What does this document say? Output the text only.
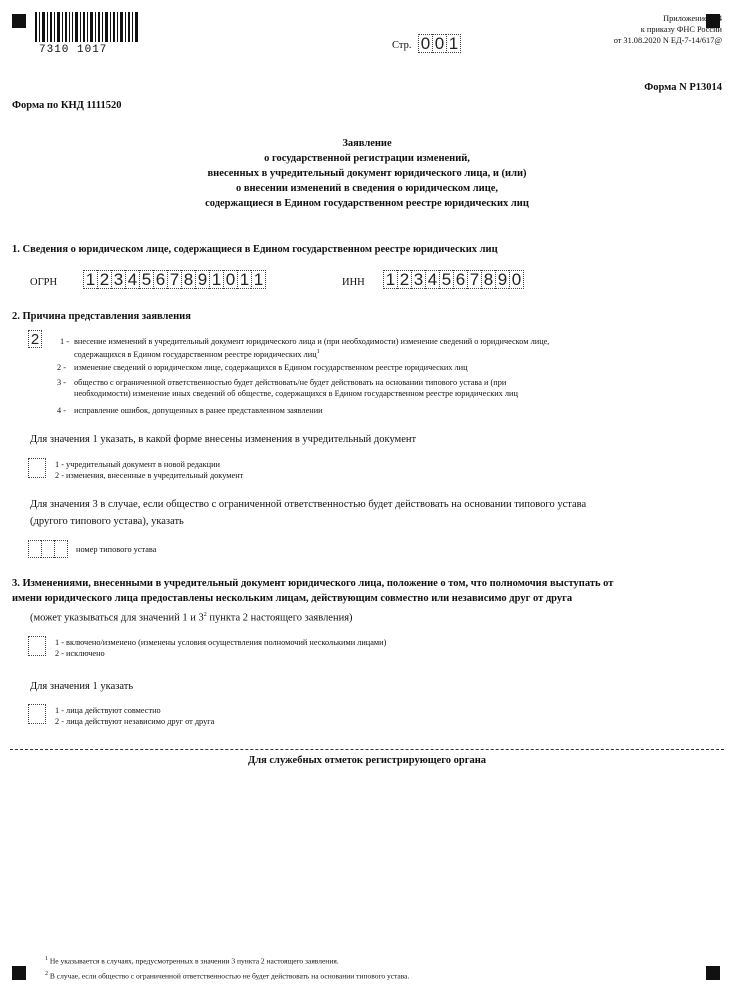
7310 1017	Стр. 0 0 1
Приложение N 4
к приказу ФНС России
от 31.08.2020 N ЕД-7-14/617@
Форма N Р13014
Форма по КНД 1111520
Заявление
о государственной регистрации изменений,
внесенных в учредительный документ юридического лица, и (или)
о внесении изменений в сведения о юридическом лице,
содержащиеся в Едином государственном реестре юридических лиц
1. Сведения о юридическом лице, содержащиеся в Едином государственном реестре юридических лиц
ОГРН 1 2 3 4 5 6 7 8 9 1 0 1 1	ИНН 1 2 3 4 5 6 7 8 9 0
2. Причина представления заявления
2	1 - внесение изменений в учредительный документ юридического лица и (при необходимости) изменение сведений о юридическом лице,
содержащихся в Едином государственном реестре юридических лиц$^1$
2 - изменение сведений о юридическом лице, содержащихся в Едином государственном реестре юридических лиц
3 - общество с ограниченной ответственностью будет действовать/не будет действовать на основании типового устава и (при
необходимости) изменение иных сведений об обществе, содержащихся в Едином государственном реестре юридических лиц
4 - исправление ошибок, допущенных в ранее представленном заявлении
Для значения 1 указать, в какой форме внесены изменения в учредительный документ
1 - учредительный документ в новой редакции
2 - изменения, внесенные в учредительный документ
Для значения 3 в случае, если общество с ограниченной ответственностью будет действовать на основании типового устава
(другого типового устава), указать
номер типового устава
3. Изменениями, внесенными в учредительный документ юридического лица, положение о том, что полномочия выступать от
имени юридического лица предоставлены нескольким лицам, действующим совместно или независимо друг от друга
(может указываться для значений 1 и $3^2$ пункта 2 настоящего заявления)
1 - включено/изменено (изменены условия осуществления полномочий несколькими лицами)
2 - исключено
Для значения 1 указать
1 - лица действуют совместно
2 - лица действуют независимо друг от друга
Для служебных отметок регистрирующего органа
$^1$ Не указывается в случаях, предусмотренных в значении 3 пункта 2 настоящего заявления.
$^2$ В случае, если общество с ограниченной ответственностью не будет действовать на основании типового устава.
